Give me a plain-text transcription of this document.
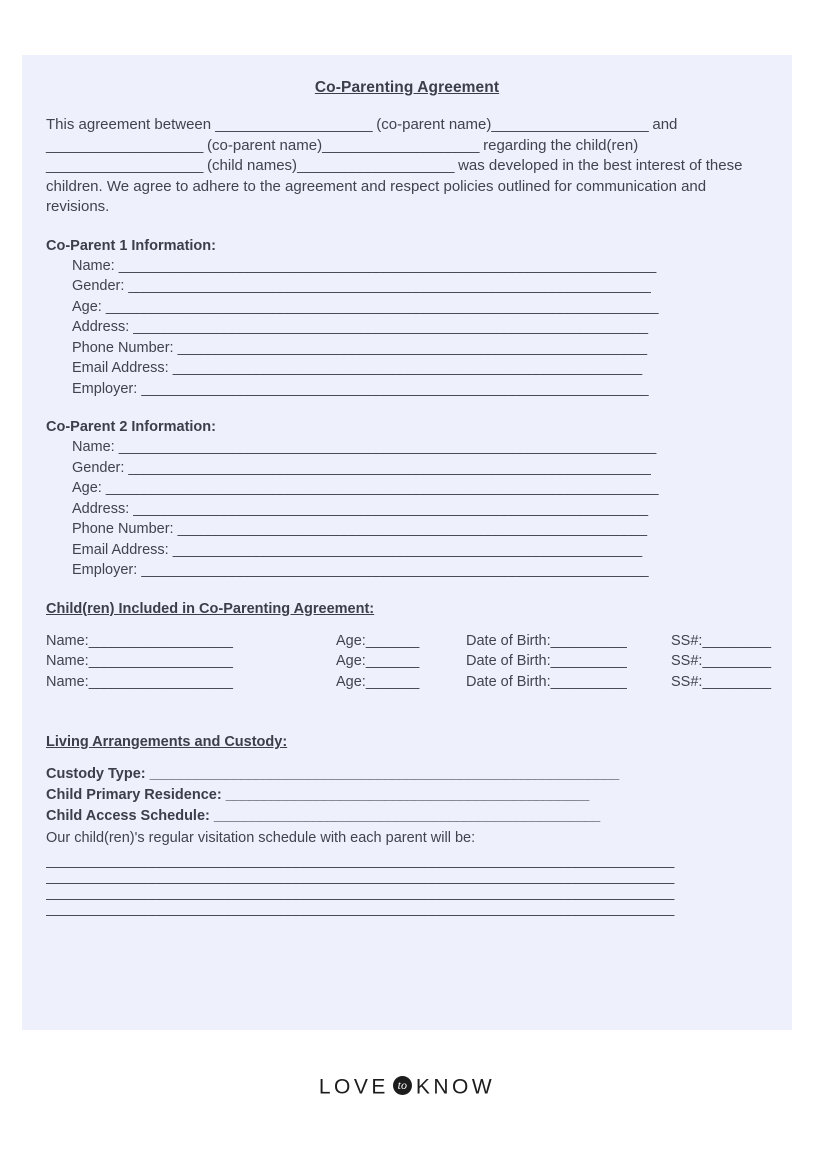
Co-Parenting Agreement

This agreement between ____________________ (co-parent name)____________________ and ____________________ (co-parent name)____________________ regarding the child(ren) ____________________ (child names)____________________ was developed in the best interest of these children. We agree to adhere to the agreement and respect policies outlined for communication and revisions.

Co-Parent 1 Information:
Name: _______________________________________________________________________
Gender: _____________________________________________________________________
Age: _________________________________________________________________________
Address: ____________________________________________________________________
Phone Number: ______________________________________________________________
Email Address: ______________________________________________________________
Employer: ___________________________________________________________________
Co-Parent 2 Information:
Name: _______________________________________________________________________
Gender: _____________________________________________________________________
Age: _________________________________________________________________________
Address: ____________________________________________________________________
Phone Number: ______________________________________________________________
Email Address: ______________________________________________________________
Employer: ___________________________________________________________________
Child(ren) Included in Co-Parenting Agreement:
Name:___________________	Age:_______	Date of Birth:__________	SS#:_________
Name:___________________	Age:_______	Date of Birth:__________	SS#:_________
Name:___________________	Age:_______	Date of Birth:__________	SS#:_________
Living Arrangements and Custody:
Custody Type: ______________________________________________________________
Child Primary Residence: ________________________________________________
Child Access Schedule: ___________________________________________________
Our child(ren)'s regular visitation schedule with each parent will be:
___________________________________________________________________________________
___________________________________________________________________________________
___________________________________________________________________________________
___________________________________________________________________________________
LOVE to KNOW
